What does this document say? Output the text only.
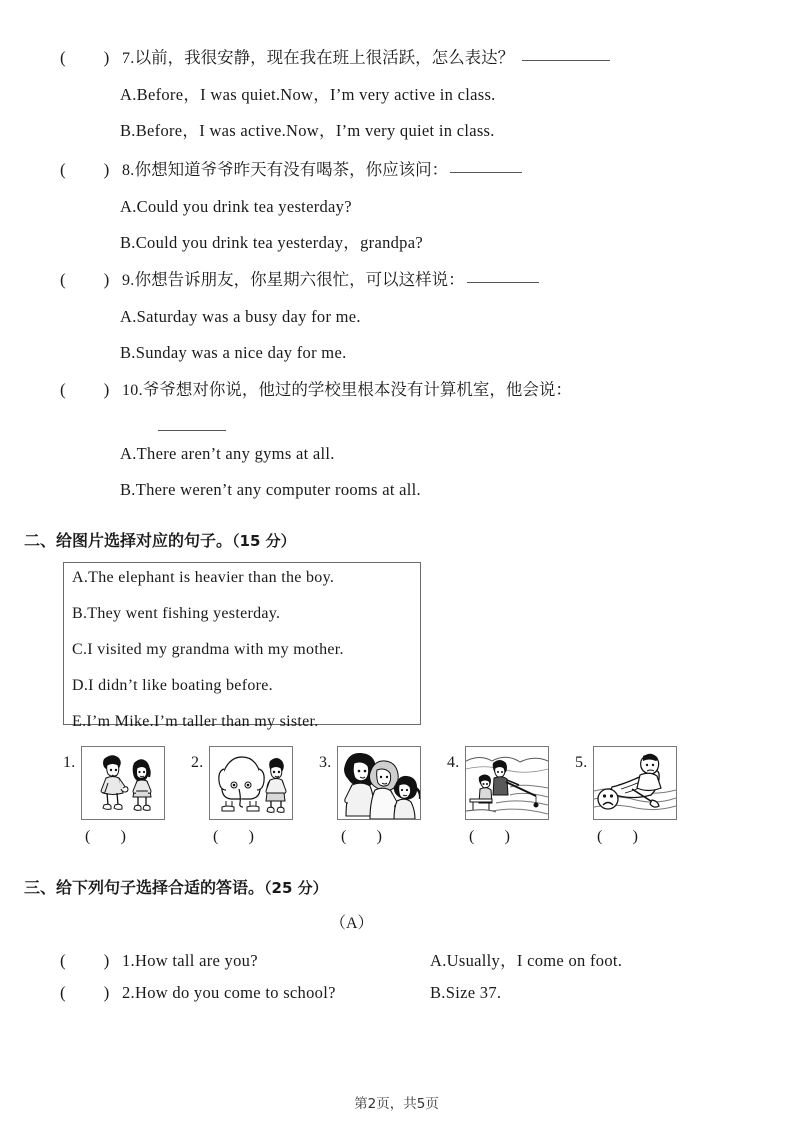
( ) 7.以前，我很安静，现在我在班上很活跃，怎么表达？
A.Before，I was quiet.Now，I’m very active in class.
B.Before，I was active.Now，I’m very quiet in class.
( ) 8.你想知道爷爷昨天有没有喝茶，你应该问：
A.Could you drink tea yesterday?
B.Could you drink tea yesterday，grandpa?
( ) 9.你想告诉朋友，你星期六很忙，可以这样说：
A.Saturday was a busy day for me.
B.Sunday was a nice day for me.
( ) 10.爷爷想对你说，他过的学校里根本没有计算机室，他会说：
A.There aren’t any gyms at all.
B.There weren’t any computer rooms at all.
二、给图片选择对应的句子。（15 分）
A.The elephant is heavier than the boy.
B.They went fishing yesterday.
C.I visited my grandma with my mother.
D.I didn’t like boating before.
E.I’m Mike.I’m taller than my sister.
1.
( )
2.
( )
3.
( )
4.
( )
5.
( )
三、给下列句子选择合适的答语。（25 分）
（A）
( ) 1.How tall are you?	A.Usually，I come on foot.
( ) 2.How do you come to school?	B.Size 37.
第2页，共5页
